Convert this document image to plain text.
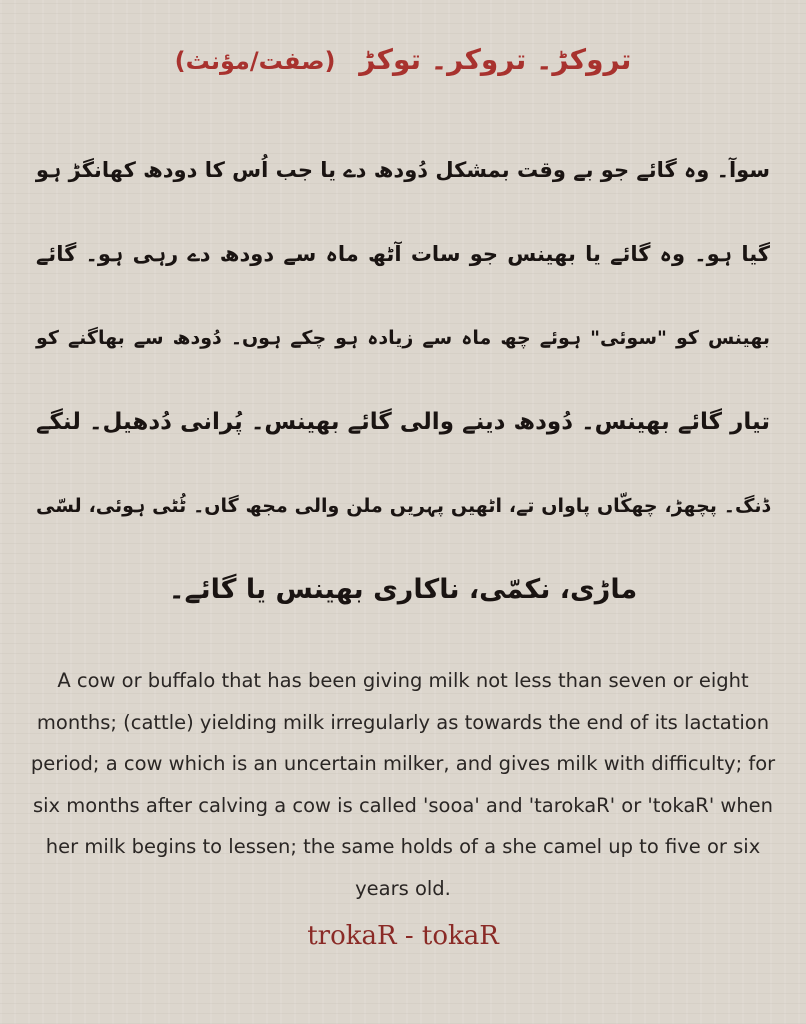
تروکڑ۔ تروکر۔ توکڑ (صفت/مؤنث)
سوآ۔ وہ گائے جو بے وقت بمشکل دُودھ دے یا جب اُس کا دودھ کھانگڑ ہو
گیا ہو۔ وہ گائے یا بھینس جو سات آٹھ ماہ سے دودھ دے رہی ہو۔ گائے
بھینس کو "سوئی" ہوئے چھ ماہ سے زیادہ ہو چکے ہوں۔ دُودھ سے بھاگنے کو
تیار گائے بھینس۔ دُودھ دینے والی گائے بھینس۔ پُرانی دُدھیل۔ لنگے
ڈنگ۔ پچھڑ، چھکّاں پاواں تے، اٹھیں پہریں ملن والی مجھ گاں۔ ٹُٹی ہوئی، لسّی
ماڑی، نکمّی، ناکاری بھینس یا گائے۔
A cow or buffalo that has been giving milk not less than seven or eight months; (cattle) yielding milk irregularly as towards the end of its lactation period; a cow which is an uncertain milker, and gives milk with difficulty; for six months after calving a cow is called 'sooa' and 'tarokaR' or 'tokaR' when her milk begins to lessen; the same holds of a she camel up to five or six years old.
trokaR - tokaR
